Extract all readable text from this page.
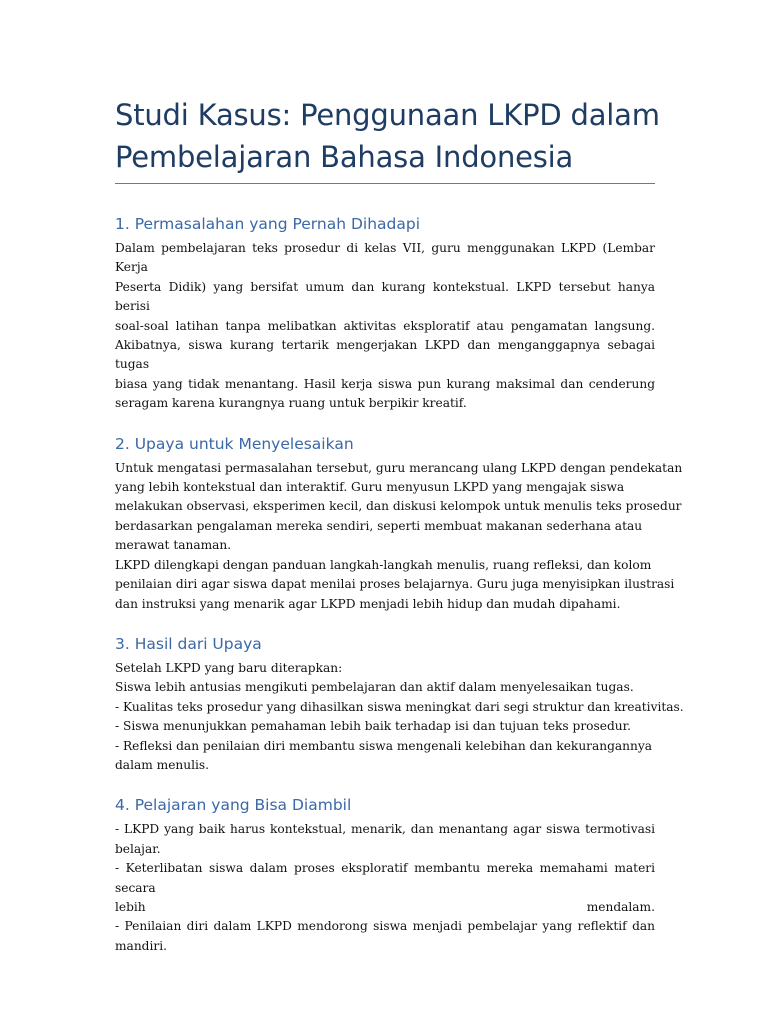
Studi Kasus: Penggunaan LKPD dalam
Pembelajaran Bahasa Indonesia
1. Permasalahan yang Pernah Dihadapi

Dalam pembelajaran teks prosedur di kelas VII, guru menggunakan LKPD (Lembar Kerja
Peserta Didik) yang bersifat umum dan kurang kontekstual. LKPD tersebut hanya berisi
soal-soal latihan tanpa melibatkan aktivitas eksploratif atau pengamatan langsung.
Akibatnya, siswa kurang tertarik mengerjakan LKPD dan menganggapnya sebagai tugas
biasa yang tidak menantang. Hasil kerja siswa pun kurang maksimal dan cenderung
seragam karena kurangnya ruang untuk berpikir kreatif.

2. Upaya untuk Menyelesaikan

Untuk mengatasi permasalahan tersebut, guru merancang ulang LKPD dengan pendekatan
yang lebih kontekstual dan interaktif. Guru menyusun LKPD yang mengajak siswa
melakukan observasi, eksperimen kecil, dan diskusi kelompok untuk menulis teks prosedur
berdasarkan pengalaman mereka sendiri, seperti membuat makanan sederhana atau
merawat tanaman.
LKPD dilengkapi dengan panduan langkah-langkah menulis, ruang refleksi, dan kolom
penilaian diri agar siswa dapat menilai proses belajarnya. Guru juga menyisipkan ilustrasi
dan instruksi yang menarik agar LKPD menjadi lebih hidup dan mudah dipahami.

3. Hasil dari Upaya

Setelah LKPD yang baru diterapkan:
Siswa lebih antusias mengikuti pembelajaran dan aktif dalam menyelesaikan tugas.
- Kualitas teks prosedur yang dihasilkan siswa meningkat dari segi struktur dan kreativitas.
- Siswa menunjukkan pemahaman lebih baik terhadap isi dan tujuan teks prosedur.
- Refleksi dan penilaian diri membantu siswa mengenali kelebihan dan kekurangannya
dalam menulis.

4. Pelajaran yang Bisa Diambil

- LKPD yang baik harus kontekstual, menarik, dan menantang agar siswa termotivasi
belajar.
- Keterlibatan siswa dalam proses eksploratif membantu mereka memahami materi secara
lebih mendalam.
- Penilaian diri dalam LKPD mendorong siswa menjadi pembelajar yang reflektif dan
mandiri.
